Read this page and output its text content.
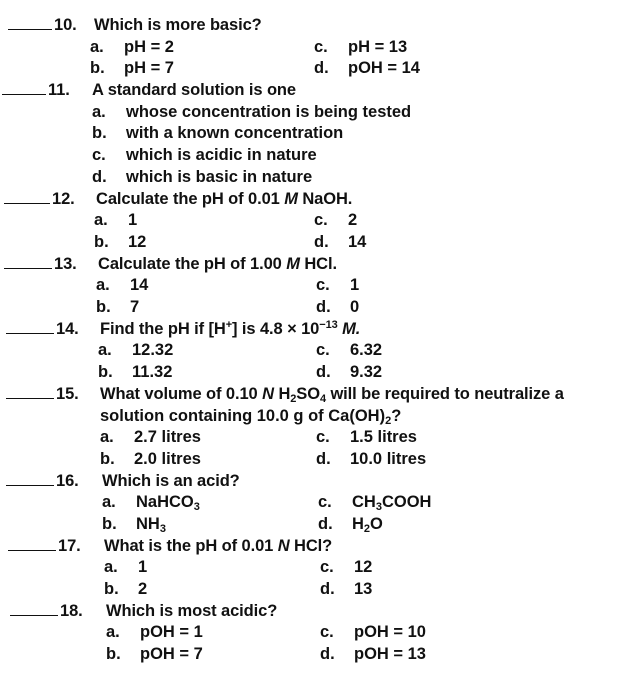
10.	Which is more basic?
a. pH = 2	c. pH = 13
b. pH = 7	d. pOH = 14
11.	A standard solution is one
a. whose concentration is being tested
b. with a known concentration
c. which is acidic in nature
d. which is basic in nature
12.	Calculate the pH of 0.01 M NaOH.
a. 1	c. 2
b. 12	d. 14
13.	Calculate the pH of 1.00 M HCl.
a. 14	c. 1
b. 7	d. 0
14.	Find the pH if [H+] is $4.8 \times 10^{-13}$ M.
a. 12.32	c. 6.32
b. 11.32	d. 9.32
15.	What volume of 0.10 N $H_2SO_4$ will be required to neutralize a
solution containing 10.0 g of $Ca(OH)_2$?
a. 2.7 litres	c. 1.5 litres
b. 2.0 litres	d. 10.0 litres
16.	Which is an acid?
a. NaHCO$_3$	c. $CH_3COOH$
b. $NH_3$	d. $H_2O$
17.	What is the pH of 0.01 N HCl?
a. 1	c. 12
b. 2	d. 13
18.	Which is most acidic?
a. pOH = 1	c. pOH = 10
b. pOH = 7	d. pOH = 13
